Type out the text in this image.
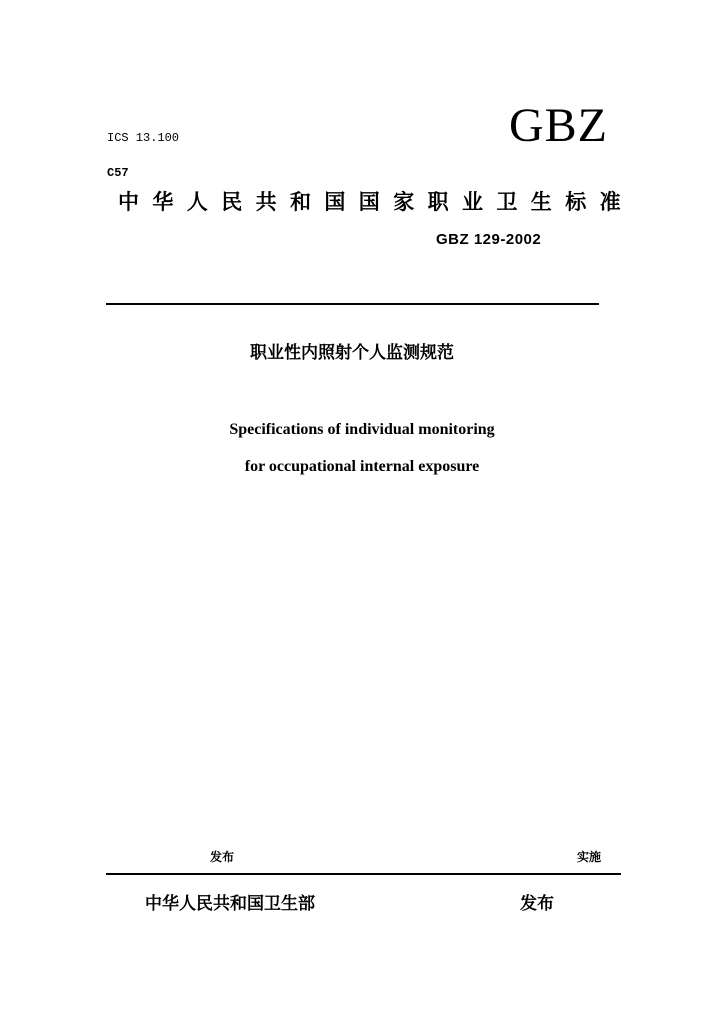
ICS 13.100
C57
GBZ
中华人民共和国国家职业卫生标准
GBZ 129-2002
职业性内照射个人监测规范
Specifications of individual monitoring
for occupational internal exposure
发布	实施
中华人民共和国卫生部	发布
